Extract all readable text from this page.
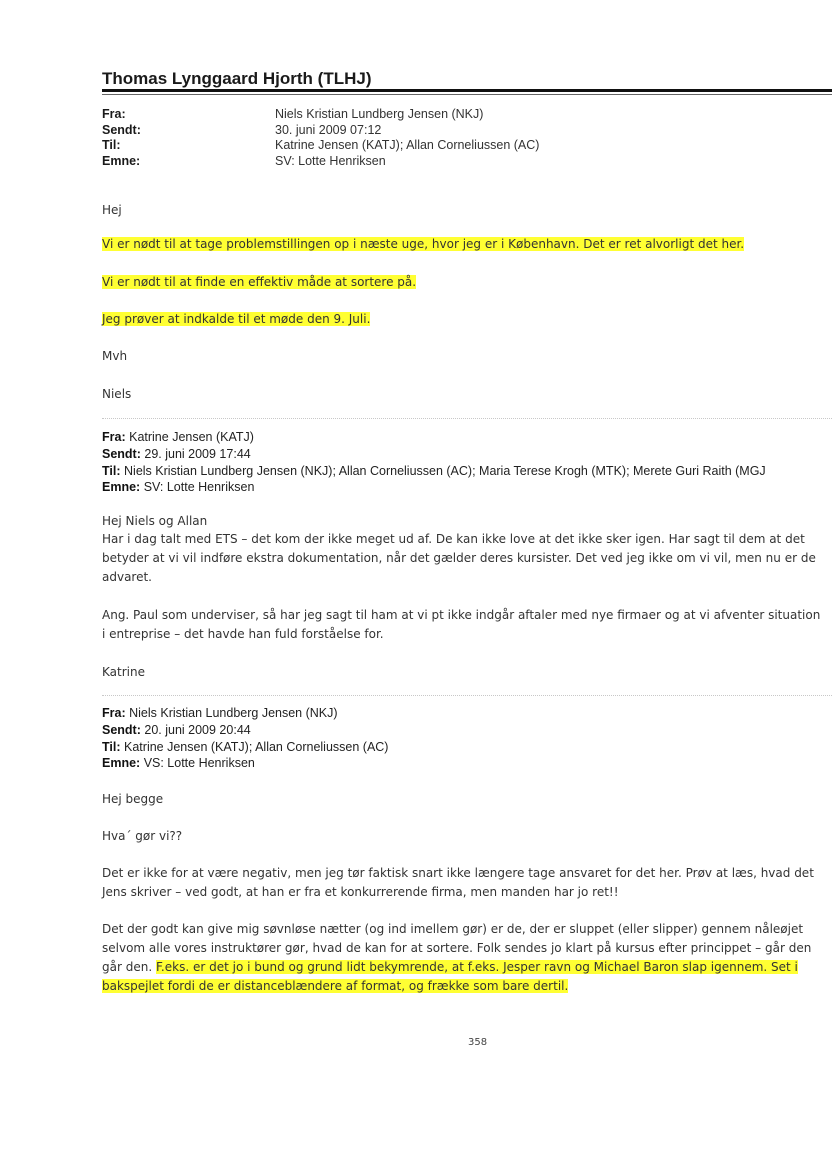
Thomas Lynggaard Hjorth (TLHJ)
Fra:	Niels Kristian Lundberg Jensen (NKJ)
Sendt:	30. juni 2009 07:12
Til:	Katrine Jensen (KATJ); Allan Corneliussen (AC)
Emne:	SV: Lotte Henriksen
Hej
Vi er nødt til at tage problemstillingen op i næste uge, hvor jeg er i København. Det er ret alvorligt det her.
Vi er nødt til at finde en effektiv måde at sortere på.
Jeg prøver at indkalde til et møde den 9. Juli.
Mvh
Niels
Fra: Katrine Jensen (KATJ)
Sendt: 29. juni 2009 17:44
Til: Niels Kristian Lundberg Jensen (NKJ); Allan Corneliussen (AC); Maria Terese Krogh (MTK); Merete Guri Raith (MGJ
Emne: SV: Lotte Henriksen
Hej Niels og Allan
Har i dag talt med ETS – det kom der ikke meget ud af. De kan ikke love at det ikke sker igen. Har sagt til dem at det
betyder at vi vil indføre ekstra dokumentation, når det gælder deres kursister. Det ved jeg ikke om vi vil, men nu er de
advaret.
Ang. Paul som underviser, så har jeg sagt til ham at vi pt ikke indgår aftaler med nye firmaer og at vi afventer situation
i entreprise – det havde han fuld forståelse for.
Katrine
Fra: Niels Kristian Lundberg Jensen (NKJ)
Sendt: 20. juni 2009 20:44
Til: Katrine Jensen (KATJ); Allan Corneliussen (AC)
Emne: VS: Lotte Henriksen
Hej begge
Hva´ gør vi??
Det er ikke for at være negativ, men jeg tør faktisk snart ikke længere tage ansvaret for det her. Prøv at læs, hvad det
Jens skriver – ved godt, at han er fra et konkurrerende firma, men manden har jo ret!!
Det der godt kan give mig søvnløse nætter (og ind imellem gør) er de, der er sluppet (eller slipper) gennem nåleøjet
selvom alle vores instruktører gør, hvad de kan for at sortere. Folk sendes jo klart på kursus efter princippet – går den
går den. F.eks. er det jo i bund og grund lidt bekymrende, at f.eks. Jesper ravn og Michael Baron slap igennem. Set i
bakspejlet fordi de er distanceblændere af format, og frække som bare dertil.
358
